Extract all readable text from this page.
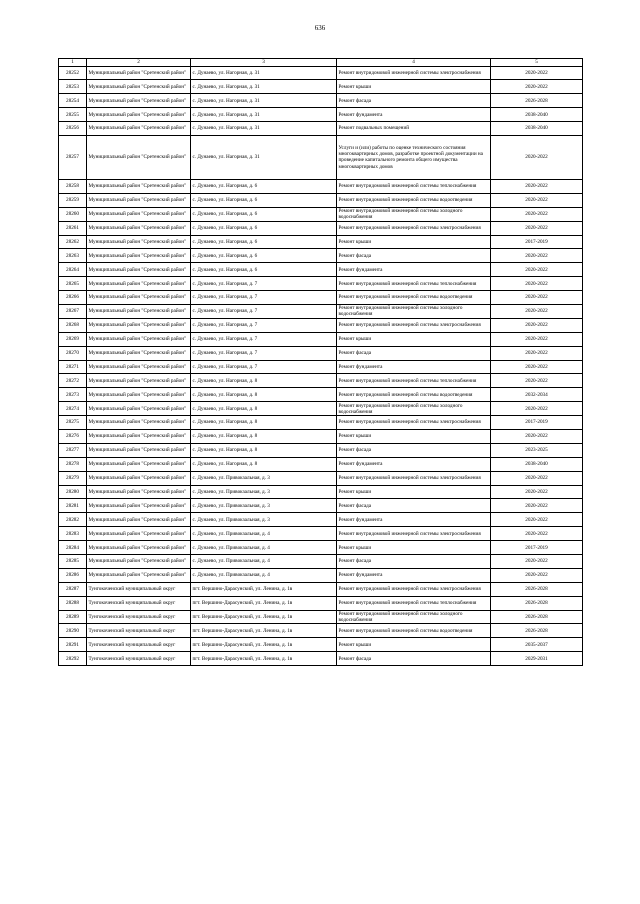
636
1	2	3	4	5
28252	Муниципальный район "Сретенский район"	с. Дунаево, ул. Нагорная, д. 31	Ремонт внутридомовой инженерной системы электроснабжения	2020-2022
28253	Муниципальный район "Сретенский район"	с. Дунаево, ул. Нагорная, д. 31	Ремонт крыши	2020-2022
28254	Муниципальный район "Сретенский район"	с. Дунаево, ул. Нагорная, д. 31	Ремонт фасада	2026-2028
28255	Муниципальный район "Сретенский район"	с. Дунаево, ул. Нагорная, д. 31	Ремонт фундамента	2038-2040
28256	Муниципальный район "Сретенский район"	с. Дунаево, ул. Нагорная, д. 31	Ремонт подвальных помещений	2038-2040
28257	Муниципальный район "Сретенский район"	с. Дунаево, ул. Нагорная, д. 31	Услуги и (или) работы по оценке технического состояния многоквартирных домов, разработке проектной документации на проведение капитального ремонта общего имущества многоквартирных домов	2020-2022
28258	Муниципальный район "Сретенский район"	с. Дунаево, ул. Нагорная, д. 6	Ремонт внутридомовой инженерной системы теплоснабжения	2020-2022
28259	Муниципальный район "Сретенский район"	с. Дунаево, ул. Нагорная, д. 6	Ремонт внутридомовой инженерной системы водоотведения	2020-2022
28260	Муниципальный район "Сретенский район"	с. Дунаево, ул. Нагорная, д. 6	Ремонт внутридомовой инженерной системы холодного водоснабжения	2020-2022
28261	Муниципальный район "Сретенский район"	с. Дунаево, ул. Нагорная, д. 6	Ремонт внутридомовой инженерной системы электроснабжения	2020-2022
28262	Муниципальный район "Сретенский район"	с. Дунаево, ул. Нагорная, д. 6	Ремонт крыши	2017-2019
28263	Муниципальный район "Сретенский район"	с. Дунаево, ул. Нагорная, д. 6	Ремонт фасада	2020-2022
28264	Муниципальный район "Сретенский район"	с. Дунаево, ул. Нагорная, д. 6	Ремонт фундамента	2020-2022
28265	Муниципальный район "Сретенский район"	с. Дунаево, ул. Нагорная, д. 7	Ремонт внутридомовой инженерной системы теплоснабжения	2020-2022
28266	Муниципальный район "Сретенский район"	с. Дунаево, ул. Нагорная, д. 7	Ремонт внутридомовой инженерной системы водоотведения	2020-2022
28267	Муниципальный район "Сретенский район"	с. Дунаево, ул. Нагорная, д. 7	Ремонт внутридомовой инженерной системы холодного водоснабжения	2020-2022
28268	Муниципальный район "Сретенский район"	с. Дунаево, ул. Нагорная, д. 7	Ремонт внутридомовой инженерной системы электроснабжения	2020-2022
28269	Муниципальный район "Сретенский район"	с. Дунаево, ул. Нагорная, д. 7	Ремонт крыши	2020-2022
28270	Муниципальный район "Сретенский район"	с. Дунаево, ул. Нагорная, д. 7	Ремонт фасада	2020-2022
28271	Муниципальный район "Сретенский район"	с. Дунаево, ул. Нагорная, д. 7	Ремонт фундамента	2020-2022
28272	Муниципальный район "Сретенский район"	с. Дунаево, ул. Нагорная, д. 8	Ремонт внутридомовой инженерной системы теплоснабжения	2020-2022
28273	Муниципальный район "Сретенский район"	с. Дунаево, ул. Нагорная, д. 8	Ремонт внутридомовой инженерной системы водоотведения	2032-2034
28274	Муниципальный район "Сретенский район"	с. Дунаево, ул. Нагорная, д. 8	Ремонт внутридомовой инженерной системы холодного водоснабжения	2020-2022
28275	Муниципальный район "Сретенский район"	с. Дунаево, ул. Нагорная, д. 8	Ремонт внутридомовой инженерной системы электроснабжения	2017-2019
28276	Муниципальный район "Сретенский район"	с. Дунаево, ул. Нагорная, д. 8	Ремонт крыши	2020-2022
28277	Муниципальный район "Сретенский район"	с. Дунаево, ул. Нагорная, д. 8	Ремонт фасада	2023-2025
28278	Муниципальный район "Сретенский район"	с. Дунаево, ул. Нагорная, д. 8	Ремонт фундамента	2038-2040
28279	Муниципальный район "Сретенский район"	с. Дунаево, ул. Привокзальная, д. 3	Ремонт внутридомовой инженерной системы электроснабжения	2020-2022
28280	Муниципальный район "Сретенский район"	с. Дунаево, ул. Привокзальная, д. 3	Ремонт крыши	2020-2022
28281	Муниципальный район "Сретенский район"	с. Дунаево, ул. Привокзальная, д. 3	Ремонт фасада	2020-2022
28282	Муниципальный район "Сретенский район"	с. Дунаево, ул. Привокзальная, д. 3	Ремонт фундамента	2020-2022
28283	Муниципальный район "Сретенский район"	с. Дунаево, ул. Привокзальная, д. 4	Ремонт внутридомовой инженерной системы электроснабжения	2020-2022
28284	Муниципальный район "Сретенский район"	с. Дунаево, ул. Привокзальная, д. 4	Ремонт крыши	2017-2019
28285	Муниципальный район "Сретенский район"	с. Дунаево, ул. Привокзальная, д. 4	Ремонт фасада	2020-2022
28286	Муниципальный район "Сретенский район"	с. Дунаево, ул. Привокзальная, д. 4	Ремонт фундамента	2020-2022
28287	Тунгокоченский муниципальный округ	пгт. Вершино-Дарасунский, ул. Ленина, д. 1в	Ремонт внутридомовой инженерной системы электроснабжения	2026-2028
28288	Тунгокоченский муниципальный округ	пгт. Вершино-Дарасунский, ул. Ленина, д. 1в	Ремонт внутридомовой инженерной системы теплоснабжения	2026-2028
28289	Тунгокоченский муниципальный округ	пгт. Вершино-Дарасунский, ул. Ленина, д. 1в	Ремонт внутридомовой инженерной системы холодного водоснабжения	2026-2028
28290	Тунгокоченский муниципальный округ	пгт. Вершино-Дарасунский, ул. Ленина, д. 1в	Ремонт внутридомовой инженерной системы водоотведения	2026-2028
28291	Тунгокоченский муниципальный округ	пгт. Вершино-Дарасунский, ул. Ленина, д. 1в	Ремонт крыши	2035-2037
28292	Тунгокоченский муниципальный округ	пгт. Вершино-Дарасунский, ул. Ленина, д. 1в	Ремонт фасада	2029-2031
